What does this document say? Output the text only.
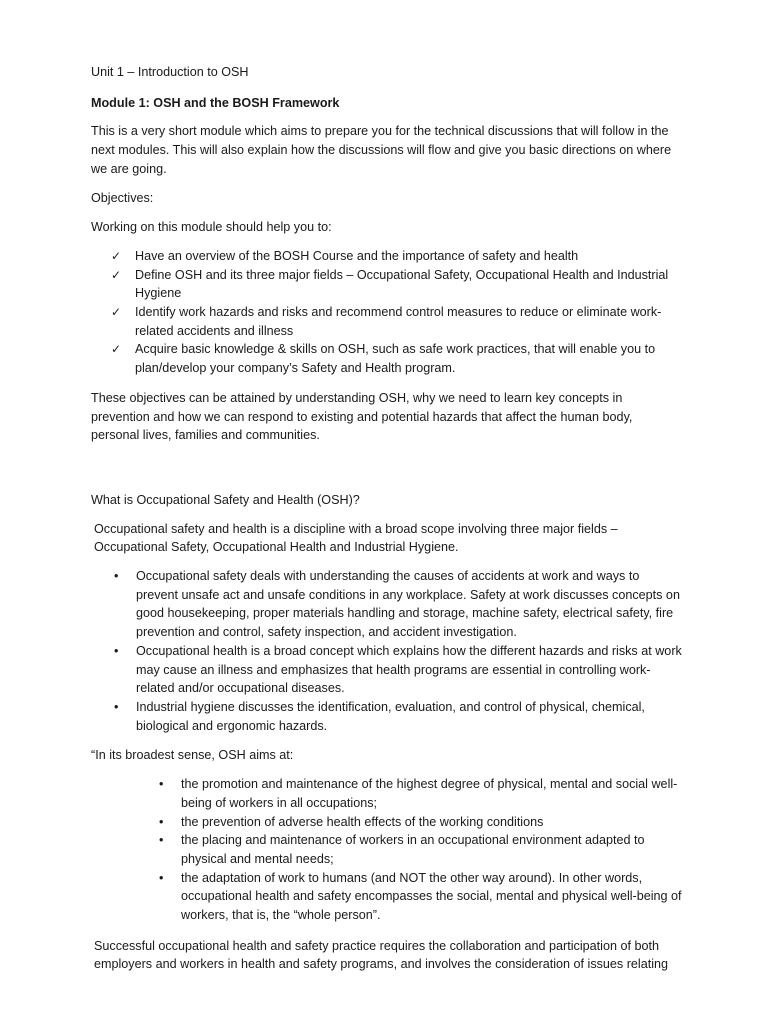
Unit 1 – Introduction to OSH

Module 1: OSH and the BOSH Framework

This is a very short module which aims to prepare you for the technical discussions that will follow in the next modules. This will also explain how the discussions will flow and give you basic directions on where we are going.

Objectives:

Working on this module should help you to:

✓ Have an overview of the BOSH Course and the importance of safety and health
✓ Define OSH and its three major fields – Occupational Safety, Occupational Health and Industrial Hygiene
✓ Identify work hazards and risks and recommend control measures to reduce or eliminate work-related accidents and illness
✓ Acquire basic knowledge & skills on OSH, such as safe work practices, that will enable you to plan/develop your company’s Safety and Health program.

These objectives can be attained by understanding OSH, why we need to learn key concepts in prevention and how we can respond to existing and potential hazards that affect the human body, personal lives, families and communities.

What is Occupational Safety and Health (OSH)?

Occupational safety and health is a discipline with a broad scope involving three major fields – Occupational Safety, Occupational Health and Industrial Hygiene.

• Occupational safety deals with understanding the causes of accidents at work and ways to prevent unsafe act and unsafe conditions in any workplace. Safety at work discusses concepts on good housekeeping, proper materials handling and storage, machine safety, electrical safety, fire prevention and control, safety inspection, and accident investigation.
• Occupational health is a broad concept which explains how the different hazards and risks at work may cause an illness and emphasizes that health programs are essential in controlling work-related and/or occupational diseases.
• Industrial hygiene discusses the identification, evaluation, and control of physical, chemical, biological and ergonomic hazards.

“In its broadest sense, OSH aims at:

• the promotion and maintenance of the highest degree of physical, mental and social well-being of workers in all occupations;
• the prevention of adverse health effects of the working conditions
• the placing and maintenance of workers in an occupational environment adapted to physical and mental needs;
• the adaptation of work to humans (and NOT the other way around). In other words, occupational health and safety encompasses the social, mental and physical well-being of workers, that is, the “whole person”.

Successful occupational health and safety practice requires the collaboration and participation of both employers and workers in health and safety programs, and involves the consideration of issues relating
